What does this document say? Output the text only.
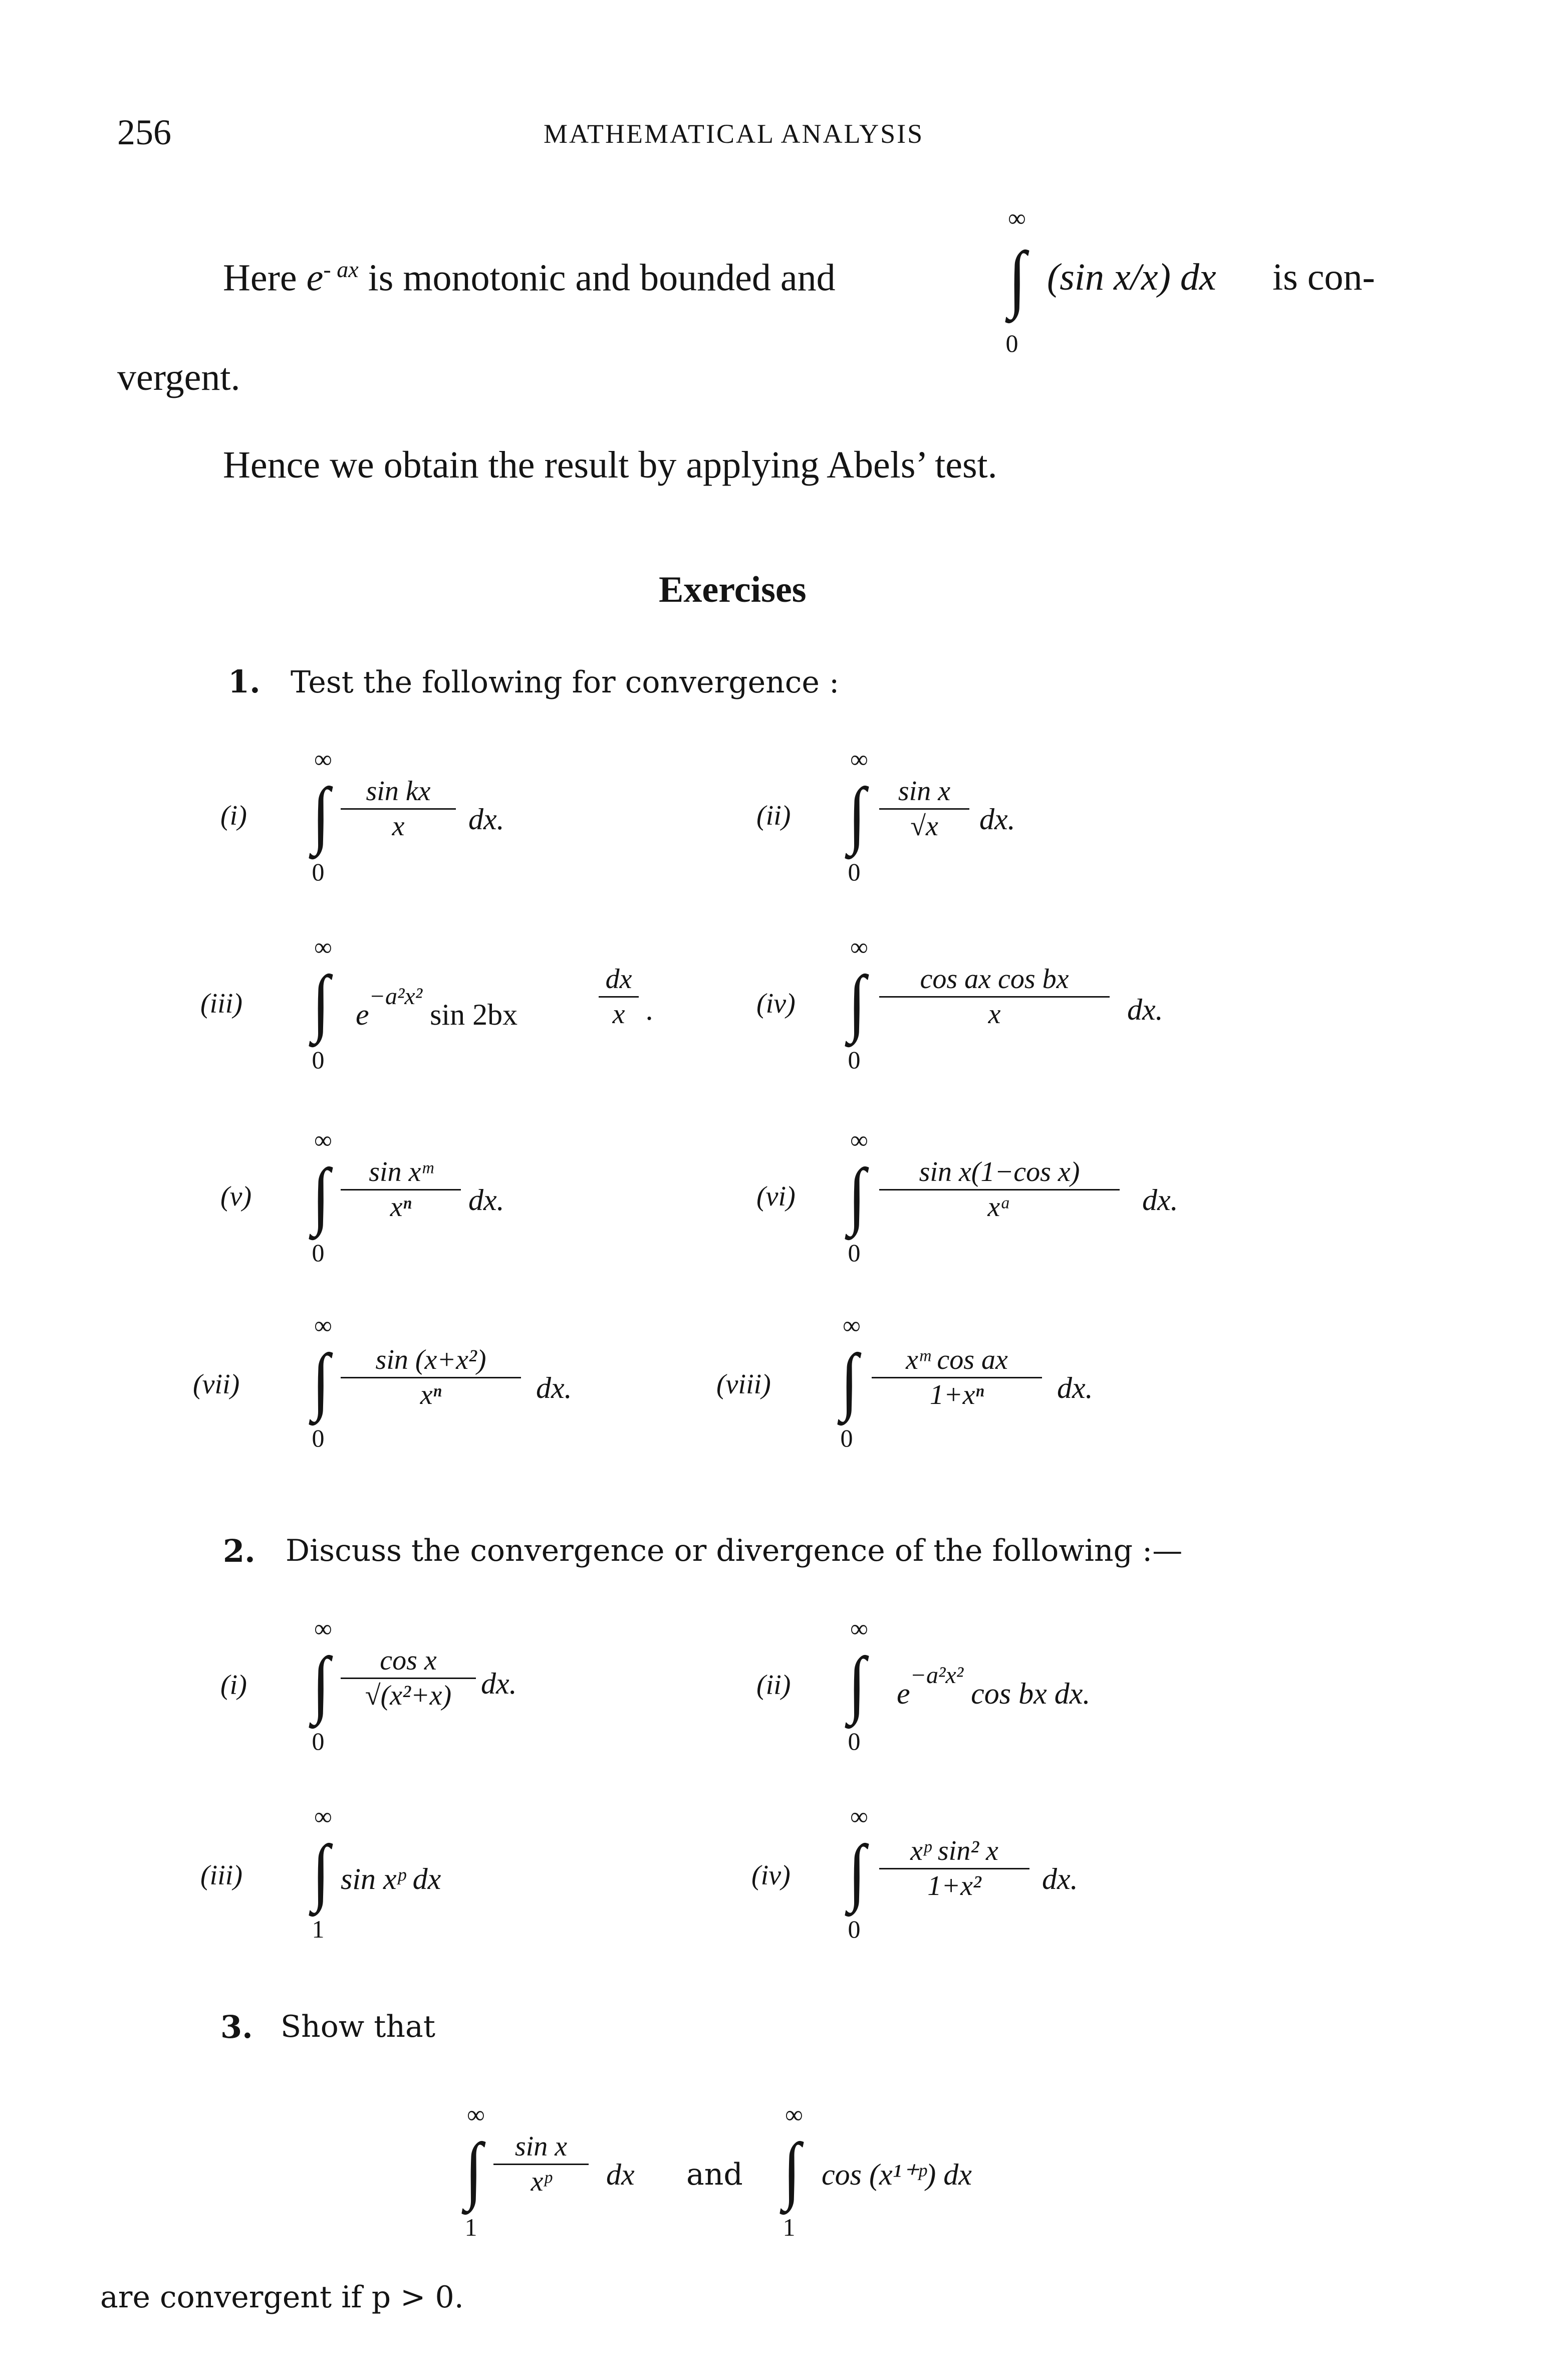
256	MATHEMATICAL ANALYSIS
Here $e^{- ax}$ is monotonic and bounded and
∞
∫
0
(sin x/x) dx is con-
vergent.
Hence we obtain the result by applying Abels’ test.
Exercises
1. Test the following for convergence :
(i)
∞
∫
0
sin kx
x	dx.	(ii)
∞
∫
0
sin x
√x	dx.
(iii)
∞
∫
0
$e^{-a^2x^2}$ sin 2bx
dx
x .	(iv)
∞
∫
0
cos ax cos bx
x	dx.
(v)
∞
∫
0
sin xᵐ
xⁿ	dx.	(vi)
∞
∫
0
sin x(1−cos x)
xᵃ	dx.
(vii)
∞
∫
0
sin (x+x²)
xⁿ	dx.	(viii)
∞
∫
0
xᵐ cos ax
1+xⁿ	dx.
2. Discuss the convergence or divergence of the following :—
(i)
∞
∫
0
cos x
√(x²+x) dx.	(ii)
∞
∫
0
$e^{-a^2x^2}$ cos bx dx.
(iii)
∞
∫
1
sin xᵖ dx	(iv)
∞
∫
0
xᵖ sin² x
1+x²	dx.
3. Show that
∞
∫
1
sin x
xᵖ	dx and
∞
∫
1
cos (x¹⁺ᵖ) dx
are convergent if p > 0.
